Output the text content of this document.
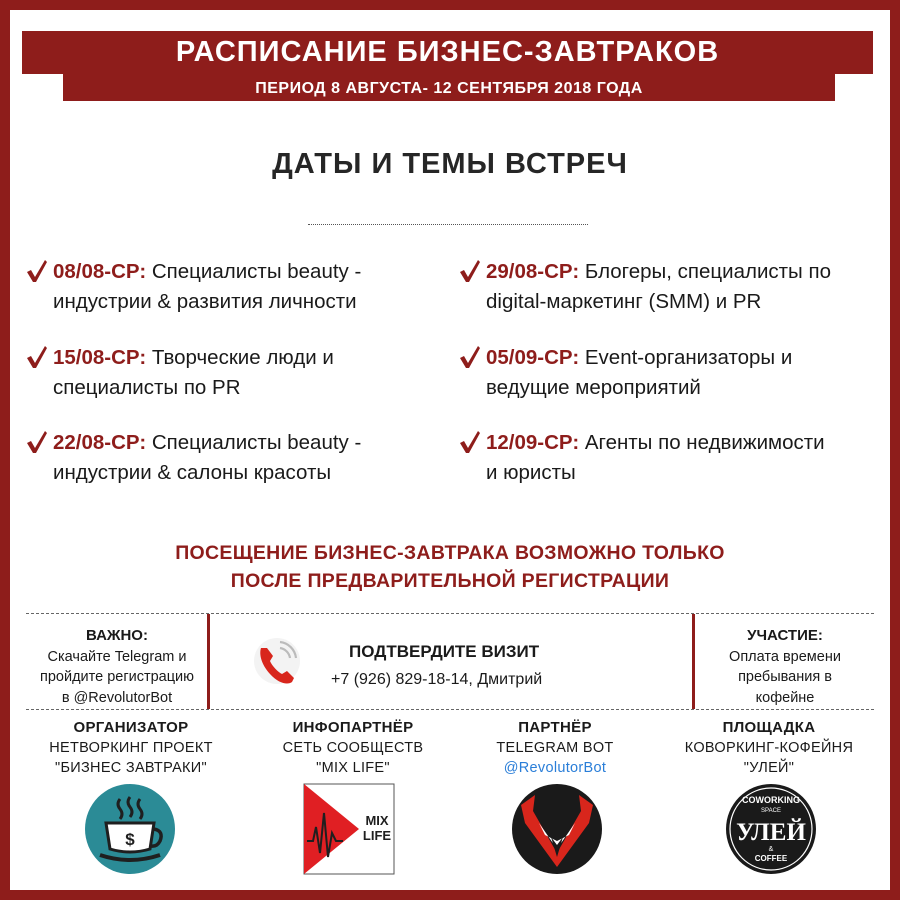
РАСПИСАНИЕ БИЗНЕС-ЗАВТРАКОВ
ПЕРИОД 8 АВГУСТА- 12 СЕНТЯБРЯ 2018 ГОДА
ДАТЫ И ТЕМЫ ВСТРЕЧ
08/08-СР: Специалисты beauty -
индустрии & развития личности
15/08-СР: Творческие люди и
специалисты по PR
22/08-СР: Специалисты beauty -
индустрии & салоны красоты
29/08-СР: Блогеры, специалисты по
digital-маркетинг (SMM) и PR
05/09-СР: Event-организаторы и
ведущие мероприятий
12/09-СР: Агенты по недвижимости
и юристы
ПОСЕЩЕНИЕ БИЗНЕС-ЗАВТРАКА ВОЗМОЖНО ТОЛЬКО
ПОСЛЕ ПРЕДВАРИТЕЛЬНОЙ РЕГИСТРАЦИИ
ВАЖНО:
Скачайте Telegram и
пройдите регистрацию
в @RevolutorBot
ПОДТВЕРДИТЕ ВИЗИТ
+7 (926) 829-18-14, Дмитрий
УЧАСТИЕ:
Оплата времени
пребывания в
кофейне
ОРГАНИЗАТОР
НЕТВОРКИНГ ПРОЕКТ
"БИЗНЕС ЗАВТРАКИ"
ИНФОПАРТНЁР
СЕТЬ СООБЩЕСТВ
"MIX LIFE"
ПАРТНЁР
TELEGRAM BOT
@RevolutorBot
ПЛОЩАДКА
КОВОРКИНГ-КОФЕЙНЯ
"УЛЕЙ"
$
MIX
LIFE
COWORKING
SPACE
УЛЕЙ
&
COFFEE
